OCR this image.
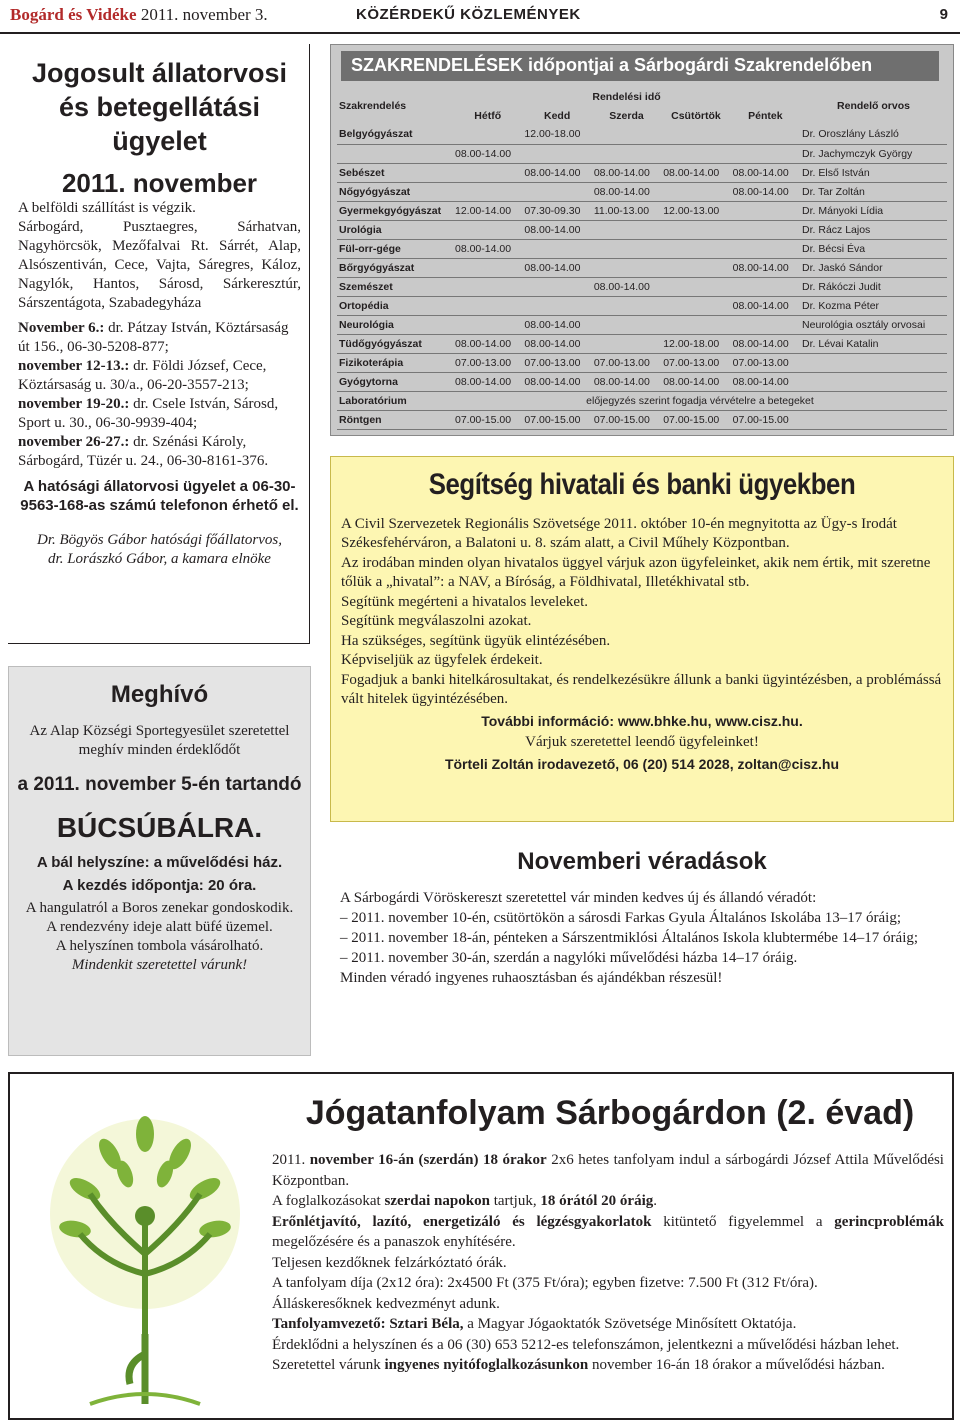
Bogárd és Vidéke 2011. november 3.	KÖZÉRDEKŰ KÖZLEMÉNYEK	9
Jogosult állatorvosi és betegellátási ügyelet
2011. november

A belföldi szállítást is végzik.

Sárbogárd, Pusztaegres, Sárhatvan, Nagyhörcsök, Mezőfalvai Rt. Sárrét, Alap, Alsószentiván, Cece, Vajta, Sáregres, Káloz, Nagylók, Hantos, Sárosd, Sárkeresztúr, Sárszentágota, Szabadegyháza

November 6.: dr. Pátzay István, Köztársaság út 156., 06-30-5208-877;

november 12-13.: dr. Földi József, Cece, Köztársaság u. 30/a., 06-20-3557-213;

november 19-20.: dr. Csele István, Sárosd, Sport u. 30., 06-30-9939-404;

november 26-27.: dr. Szénási Károly, Sárbogárd, Tüzér u. 24., 06-30-8161-376.

A hatósági állatorvosi ügyelet a 06-30-9563-168-as számú telefonon érhető el.
Dr. Bögyös Gábor hatósági főállatorvos,
dr. Lorászkó Gábor, a kamara elnöke
Meghívó
Az Alap Községi Sportegyesület szeretettel meghív minden érdeklődőt
a 2011. november 5-én tartandó
BÚCSÚBÁLRA.
A bál helyszíne: a művelődési ház.
A kezdés időpontja: 20 óra.
A hangulatról a Boros zenekar gondoskodik.
A rendezvény ideje alatt büfé üzemel.
A helyszínen tombola vásárolható.
Mindenkit szeretettel várunk!
SZAKRENDELÉSEK időpontjai a Sárbogárdi Szakrendelőben
Szakrendelés	Rendelési idő					Rendelő orvos
	Hétfő	Kedd	Szerda	Csütörtök	Péntek	
Belgyógyászat		12.00-18.00				Dr. Oroszlány László
	08.00-14.00					Dr. Jachymczyk György
Sebészet		08.00-14.00	08.00-14.00	08.00-14.00	08.00-14.00	Dr. Első István
Nőgyógyászat			08.00-14.00		08.00-14.00	Dr. Tar Zoltán
Gyermekgyógyászat	12.00-14.00	07.30-09.30	11.00-13.00	12.00-13.00		Dr. Mányoki Lídia
Urológia		08.00-14.00				Dr. Rácz Lajos
Fül-orr-gége	08.00-14.00					Dr. Bécsi Éva
Bőrgyógyászat		08.00-14.00			08.00-14.00	Dr. Jaskó Sándor
Szemészet			08.00-14.00			Dr. Rákóczi Judit
Ortopédia					08.00-14.00	Dr. Kozma Péter
Neurológia		08.00-14.00				Neurológia osztály orvosai
Tüdőgyógyászat	08.00-14.00	08.00-14.00		12.00-18.00	08.00-14.00	Dr. Lévai Katalin
Fizikoterápia	07.00-13.00	07.00-13.00	07.00-13.00	07.00-13.00	07.00-13.00	
Gyógytorna	08.00-14.00	08.00-14.00	08.00-14.00	08.00-14.00	08.00-14.00	
Laboratórium	előjegyzés szerint fogadja vérvételre a betegeket					
Röntgen	07.00-15.00	07.00-15.00	07.00-15.00	07.00-15.00	07.00-15.00	
Segítség hivatali és banki ügyekben

A Civil Szervezetek Regionális Szövetsége 2011. október 10-én megnyitotta az Ügy-s Irodát Székesfehérváron, a Balatoni u. 8. szám alatt, a Civil Műhely Központban.

Az irodában minden olyan hivatalos üggyel várjuk azon ügyfeleinket, akik nem értik, mit szeretne tőlük a „hivatal”: a NAV, a Bíróság, a Földhivatal, Illetékhivatal stb.

Segítünk megérteni a hivatalos leveleket.

Segítünk megválaszolni azokat.

Ha szükséges, segítünk ügyük elintézésében.

Képviseljük az ügyfelek érdekeit.

Fogadjuk a banki hitelkárosultakat, és rendelkezésükre állunk a banki ügyintézésben, a problémássá vált hitelek ügyintézésében.

További információ: www.bhke.hu, www.cisz.hu.

Várjuk szeretettel leendő ügyfeleinket!

Törteli Zoltán irodavezető, 06 (20) 514 2028, zoltan@cisz.hu

Novemberi véradások

A Sárbogárdi Vöröskereszt szeretettel vár minden kedves új és állandó véradót:

– 2011. november 10-én, csütörtökön a sárosdi Farkas Gyula Általános Iskolába 13–17 óráig;

– 2011. november 18-án, pénteken a Sárszentmiklósi Általános Iskola klubtermébe 14–17 óráig;

– 2011. november 30-án, szerdán a nagylóki művelődési házba 14–17 óráig.

Minden véradó ingyenes ruhaosztásban és ajándékban részesül!

Jógatanfolyam Sárbogárdon (2. évad)

2011. november 16-án (szerdán) 18 órakor 2x6 hetes tanfolyam indul a sárbogárdi József Attila Művelődési Központban.

A foglalkozásokat szerdai napokon tartjuk, 18 órától 20 óráig.

Erőnlétjavító, lazító, energetizáló és légzésgyakorlatok kitüntető figyelemmel a gerincproblémák megelőzésére és a panaszok enyhítésére.

Teljesen kezdőknek felzárkóztató órák.

A tanfolyam díja (2x12 óra): 2x4500 Ft (375 Ft/óra); egyben fizetve: 7.500 Ft (312 Ft/óra).

Álláskeresőknek kedvezményt adunk.

Tanfolyamvezető: Sztari Béla, a Magyar Jógaoktatók Szövetsége Minősített Oktatója.

Érdeklődni a helyszínen és a 06 (30) 653 5212-es telefonszámon, jelentkezni a művelődési házban lehet.

Szeretettel várunk ingyenes nyitófoglalkozásunkon november 16-án 18 órakor a művelődési házban.
